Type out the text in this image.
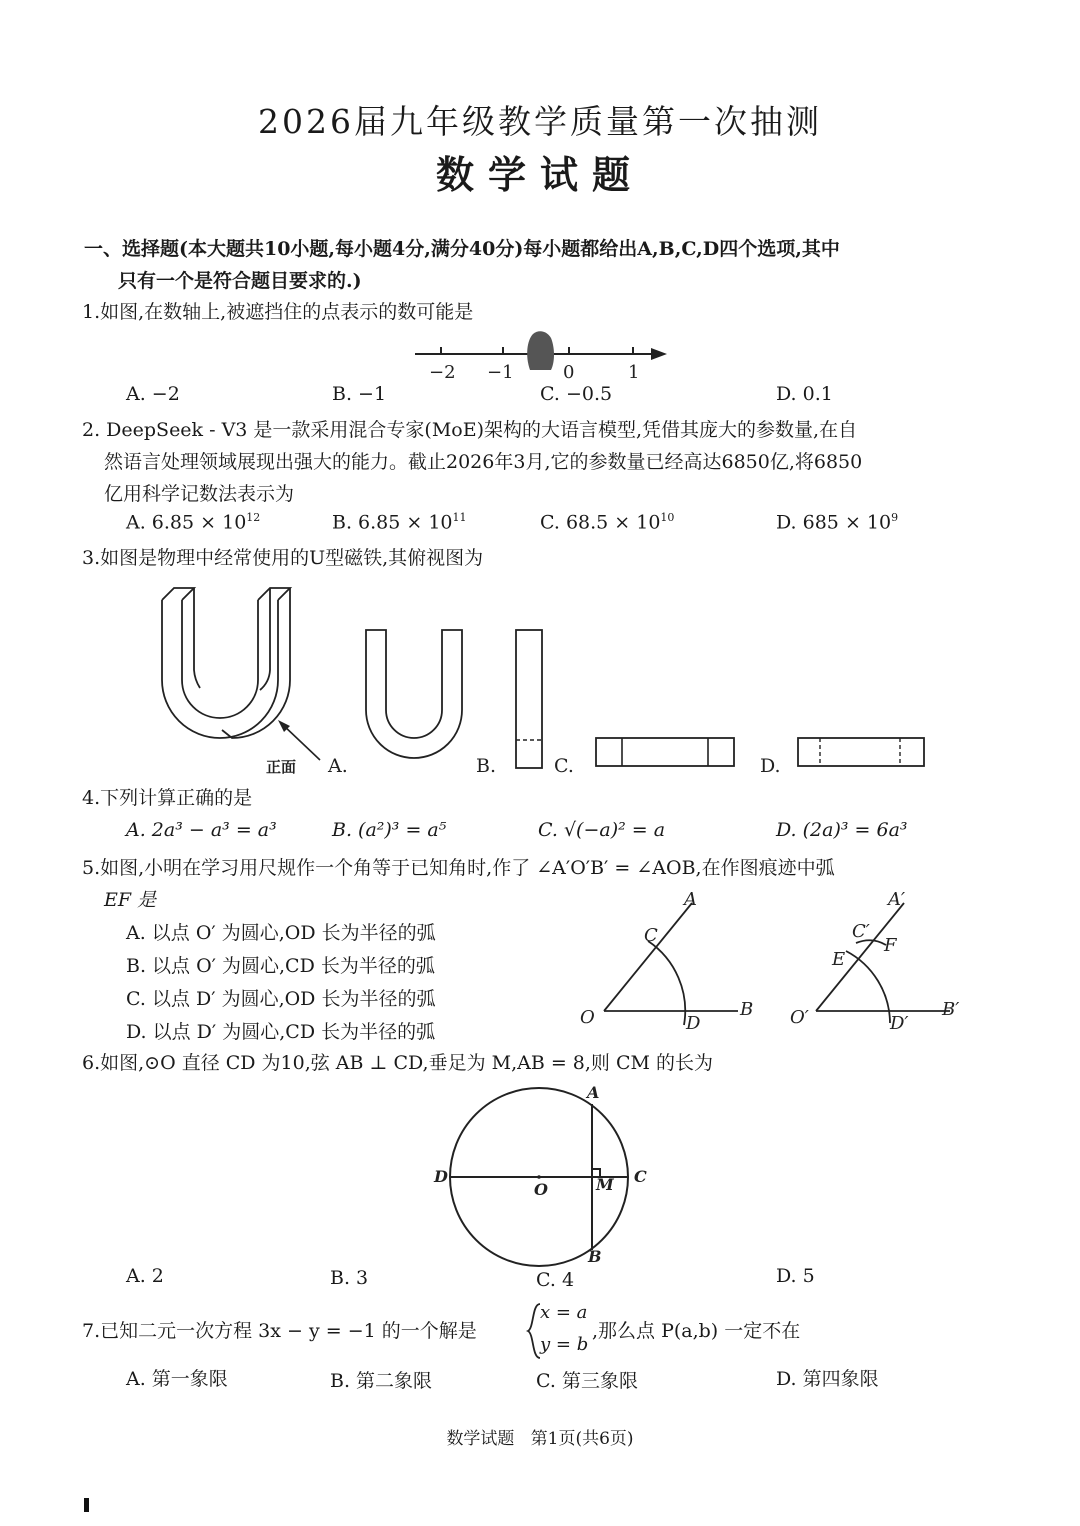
2026届九年级教学质量第一次抽测
数学试题
一、选择题(本大题共10小题,每小题4分,满分40分)每小题都给出A,B,C,D四个选项,其中
只有一个是符合题目要求的.)
1.如图,在数轴上,被遮挡住的点表示的数可能是
−2 −1	0	1
A. −2	B. −1	C. −0.5	D. 0.1
2. DeepSeek - V3 是一款采用混合专家(MoE)架构的大语言模型,凭借其庞大的参数量,在自
然语言处理领域展现出强大的能力。截止2026年3月,它的参数量已经高达6850亿,将6850
亿用科学记数法表示为
A. $6.85 \times 10^{12}$	B. $6.85 \times 10^{11}$	C. $68.5 \times 10^{10}$	D. $685 \times 10^9$
3.如图是物理中经常使用的U型磁铁,其俯视图为
正面 A.	B.	C.	D.
4.下列计算正确的是
A. 2a³ − a³ = a³	B. (a²)³ = a⁵	C. √(−a)² = a	D. (2a)³ = 6a³
5.如图,小明在学习用尺规作一个角等于已知角时,作了 ∠A′O′B′ = ∠AOB,在作图痕迹中弧
EF 是
A. 以点 O′ 为圆心,OD 长为半径的弧
B. 以点 O′ 为圆心,CD 长为半径的弧
C. 以点 D′ 为圆心,OD 长为半径的弧
D. 以点 D′ 为圆心,CD 长为半径的弧
A
C
O	D
B
A′
C′
F
E
O′	D′
B′
6.如图,⊙O 直径 CD 为10,弦 AB ⊥ CD,垂足为 M,AB = 8,则 CM 的长为
A
B
C
D
O	M
A. 2	B. 3	C. 4	D. 5
7.已知二元一次方程 3x − y = −1 的一个解是
x = a
y = b
,那么点 P(a,b) 一定不在
A. 第一象限	B. 第二象限	C. 第三象限	D. 第四象限
数学试题   第1页(共6页)
